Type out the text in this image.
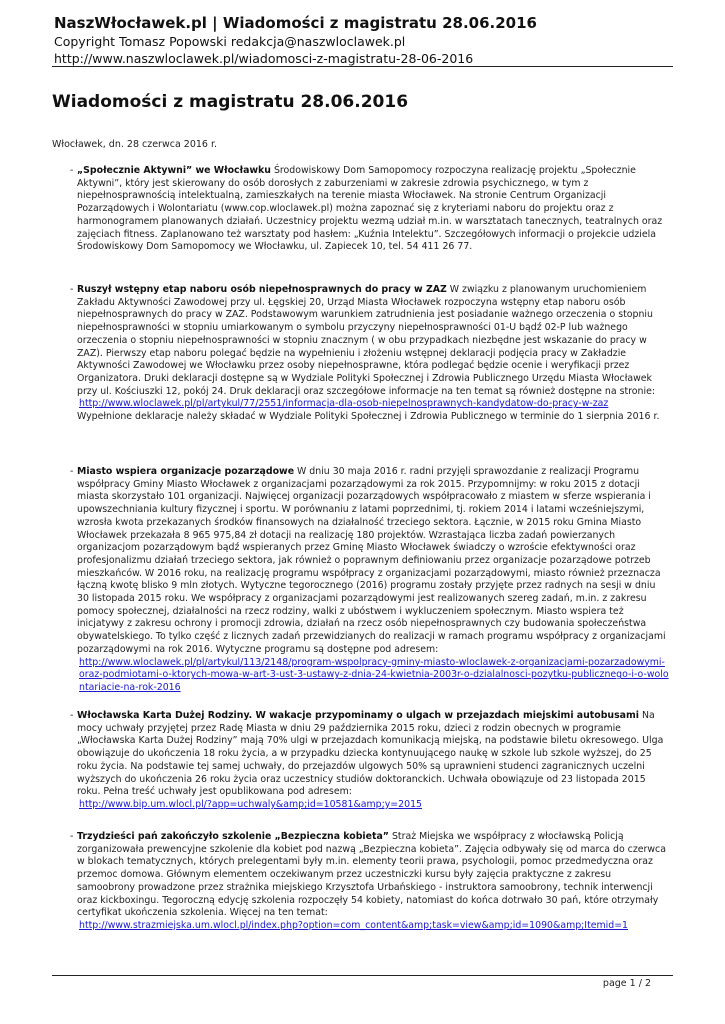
NaszWłocławek.pl | Wiadomości z magistratu 28.06.2016
Copyright Tomasz Popowski redakcja@naszwloclawek.pl
http://www.naszwloclawek.pl/wiadomosci-z-magistratu-28-06-2016
Wiadomości z magistratu 28.06.2016
Włocławek, dn. 28 czerwca 2016 r.
- „Społecznie Aktywni” we Włocławku Środowiskowy Dom Samopomocy rozpoczyna realizację projektu „Społecznie Aktywni”, który jest skierowany do osób dorosłych z zaburzeniami w zakresie zdrowia psychicznego, w tym z niepełnosprawnością intelektualną, zamieszkałych na terenie miasta Włocławek. Na stronie Centrum Organizacji Pozarządowych i Wolontariatu (www.cop.wloclawek.pl) można zapoznać się z kryteriami naboru do projektu oraz z harmonogramem planowanych działań. Uczestnicy projektu wezmą udział m.in. w warsztatach tanecznych, teatralnych oraz zajęciach fitness. Zaplanowano też warsztaty pod hasłem: „Kuźnia Intelektu”. Szczegółowych informacji o projekcie udziela Środowiskowy Dom Samopomocy we Włocławku, ul. Zapiecek 10, tel. 54 411 26 77.
- Ruszył wstępny etap naboru osób niepełnosprawnych do pracy w ZAZ W związku z planowanym uruchomieniem Zakładu Aktywności Zawodowej przy ul. Łęgskiej 20, Urząd Miasta Włocławek rozpoczyna wstępny etap naboru osób niepełnosprawnych do pracy w ZAZ. Podstawowym warunkiem zatrudnienia jest posiadanie ważnego orzeczenia o stopniu niepełnosprawności w stopniu umiarkowanym o symbolu przyczyny niepełnosprawności 01-U bądź 02-P lub ważnego orzeczenia o stopniu niepełnosprawności w stopniu znacznym ( w obu przypadkach niezbędne jest wskazanie do pracy w ZAZ). Pierwszy etap naboru polegać będzie na wypełnieniu i złożeniu wstępnej deklaracji podjęcia pracy w Zakładzie Aktywności Zawodowej we Włocławku przez osoby niepełnosprawne, która podlegać będzie ocenie i weryfikacji przez Organizatora. Druki deklaracji dostępne są w Wydziale Polityki Społecznej i Zdrowia Publicznego Urzędu Miasta Włocławek przy ul. Kościuszki 12, pokój 24. Druk deklaracji oraz szczegółowe informacje na ten temat są również dostępne na stronie:
http://www.wloclawek.pl/pl/artykul/77/2551/informacja-dla-osob-niepelnosprawnych-kandydatow-do-pracy-w-zaz
Wypełnione deklaracje należy składać w Wydziale Polityki Społecznej i Zdrowia Publicznego w terminie do 1 sierpnia 2016 r.
- Miasto wspiera organizacje pozarządowe W dniu 30 maja 2016 r. radni przyjęli sprawozdanie z realizacji Programu współpracy Gminy Miasto Włocławek z organizacjami pozarządowymi za rok 2015. Przypomnijmy: w roku 2015 z dotacji miasta skorzystało 101 organizacji. Najwięcej organizacji pozarządowych współpracowało z miastem w sferze wspierania i upowszechniania kultury fizycznej i sportu. W porównaniu z latami poprzednimi, tj. rokiem 2014 i latami wcześniejszymi, wzrosła kwota przekazanych środków finansowych na działalność trzeciego sektora. Łącznie, w 2015 roku Gmina Miasto Włocławek przekazała 8 965 975,84 zł dotacji na realizację 180 projektów. Wzrastająca liczba zadań powierzanych organizacjom pozarządowym bądź wspieranych przez Gminę Miasto Włocławek świadczy o wzroście efektywności oraz profesjonalizmu działań trzeciego sektora, jak również o poprawnym definiowaniu przez organizacje pozarządowe potrzeb mieszkańców. W 2016 roku, na realizację programu współpracy z organizacjami pozarządowymi, miasto również przeznacza łączną kwotę blisko 9 mln złotych. Wytyczne tegorocznego (2016) programu zostały przyjęte przez radnych na sesji w dniu 30 listopada 2015 roku. We współpracy z organizacjami pozarządowymi jest realizowanych szereg zadań, m.in. z zakresu pomocy społecznej, działalności na rzecz rodziny, walki z ubóstwem i wykluczeniem społecznym. Miasto wspiera też inicjatywy z zakresu ochrony i promocji zdrowia, działań na rzecz osób niepełnosprawnych czy budowania społeczeństwa obywatelskiego. To tylko część z licznych zadań przewidzianych do realizacji w ramach programu współpracy z organizacjami pozarządowymi na rok 2016. Wytyczne programu są dostępne pod adresem:
http://www.wloclawek.pl/pl/artykul/113/2148/program-wspolpracy-gminy-miasto-wloclawek-z-organizacjami-pozarzadowymi-oraz-podmiotami-o-ktorych-mowa-w-art-3-ust-3-ustawy-z-dnia-24-kwietnia-2003r-o-dzialalnosci-pozytku-publicznego-i-o-wolontariacie-na-rok-2016
- Włocławska Karta Dużej Rodziny. W wakacje przypominamy o ulgach w przejazdach miejskimi autobusami Na mocy uchwały przyjętej przez Radę Miasta w dniu 29 października 2015 roku, dzieci z rodzin obecnych w programie „Włocławska Karta Dużej Rodziny” mają 70% ulgi w przejazdach komunikacją miejską, na podstawie biletu okresowego. Ulga obowiązuje do ukończenia 18 roku życia, a w przypadku dziecka kontynuującego naukę w szkole lub szkole wyższej, do 25 roku życia. Na podstawie tej samej uchwały, do przejazdów ulgowych 50% są uprawnieni studenci zagranicznych uczelni wyższych do ukończenia 26 roku życia oraz uczestnicy studiów doktoranckich. Uchwała obowiązuje od 23 listopada 2015 roku. Pełna treść uchwały jest opublikowana pod adresem:
http://www.bip.um.wlocl.pl/?app=uchwaly&amp;id=10581&amp;y=2015
- Trzydzieści pań zakończyło szkolenie „Bezpieczna kobieta” Straż Miejska we współpracy z włocławską Policją zorganizowała prewencyjne szkolenie dla kobiet pod nazwą „Bezpieczna kobieta”. Zajęcia odbywały się od marca do czerwca w blokach tematycznych, których prelegentami były m.in. elementy teorii prawa, psychologii, pomoc przedmedyczna oraz przemoc domowa. Głównym elementem oczekiwanym przez uczestniczki kursu były zajęcia praktyczne z zakresu samoobrony prowadzone przez strażnika miejskiego Krzysztofa Urbańskiego - instruktora samoobrony, technik interwencji oraz kickboxingu. Tegoroczną edycję szkolenia rozpoczęły 54 kobiety, natomiast do końca dotrwało 30 pań, które otrzymały certyfikat ukończenia szkolenia. Więcej na ten temat:
http://www.strazmiejska.um.wlocl.pl/index.php?option=com_content&amp;task=view&amp;id=1090&amp;Itemid=1
page 1 / 2
